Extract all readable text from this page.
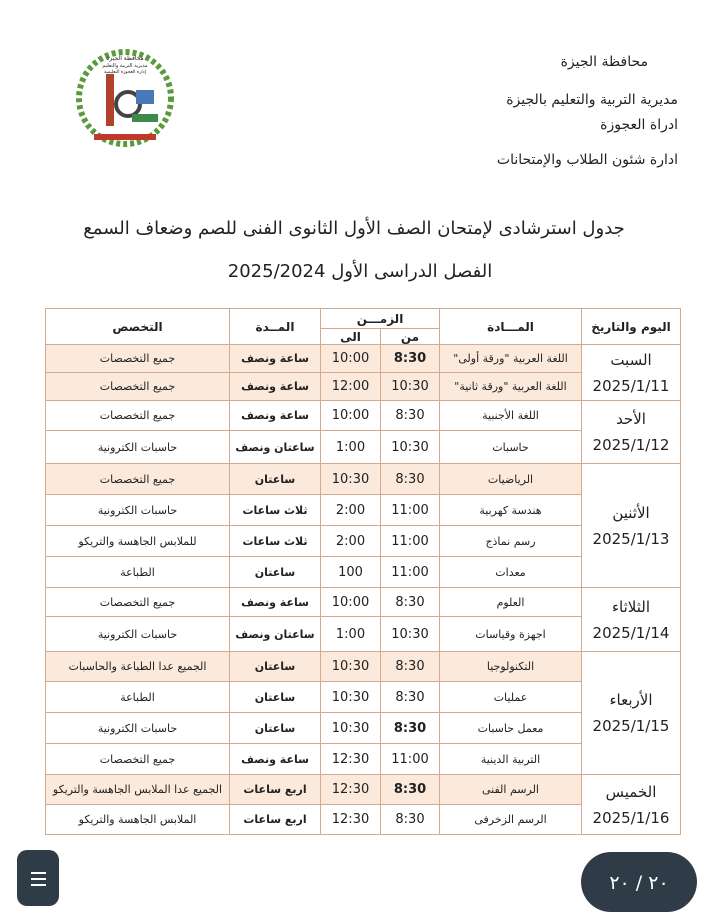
محافظة الجيزة
مديرية التربية والتعليم بالجيزة
ادراة العجوزة
ادارة شئون الطلاب والإمتحانات
محافظة الجيزة
مديرية التربية والتعليم
إدارة العجوزة التعليمية
جدول استرشادى لإمتحان الصف الأول الثانوى الفنى للصم وضعاف السمع
الفصل الدراسى الأول 2025/2024
اليوم والتاريخ	المـــادة	الزمـــن		المــدة	التخصص
		من	الى		
السبت
2025/1/11	اللغة العربية "ورقة أولى"	8:30	10:00	ساعة ونصف	جميع التخصصات
	اللغة العربية "ورقة ثانية"	10:30	12:00	ساعة ونصف	جميع التخصصات
الأحد
2025/1/12	اللغة الأجنبية	8:30	10:00	ساعة ونصف	جميع التخصصات
	حاسبات	10:30	1:00	ساعتان ونصف	حاسبات الكترونية
الأثنين
2025/1/13	الرياضيات	8:30	10:30	ساعتان	جميع التخصصات
	هندسة كهربية	11:00	2:00	ثلاث ساعات	حاسبات الكترونية
	رسم نماذج	11:00	2:00	ثلاث ساعات	للملابس الجاهسة والتريكو
	معدات	11:00	100	ساعتان	الطباعة
الثلاثاء
2025/1/14	العلوم	8:30	10:00	ساعة ونصف	جميع التخصصات
	اجهزة وقياسات	10:30	1:00	ساعتان ونصف	حاسبات الكترونية
الأربعاء
2025/1/15	التكنولوجيا	8:30	10:30	ساعتان	الجميع عدا الطباعة والحاسبات
	عمليات	8:30	10:30	ساعتان	الطباعة
	معمل حاسبات	8:30	10:30	ساعتان	حاسبات الكترونية
	التربية الدينية	11:00	12:30	ساعة ونصف	جميع التخصصات
الخميس
2025/1/16	الرسم الفنى	8:30	12:30	اربع ساعات	الجميع عدا الملابس الجاهسة والتريكو
	الرسم الزخرفى	8:30	12:30	اربع ساعات	الملابس الجاهسة والتريكو
٢٠ / ٢٠
